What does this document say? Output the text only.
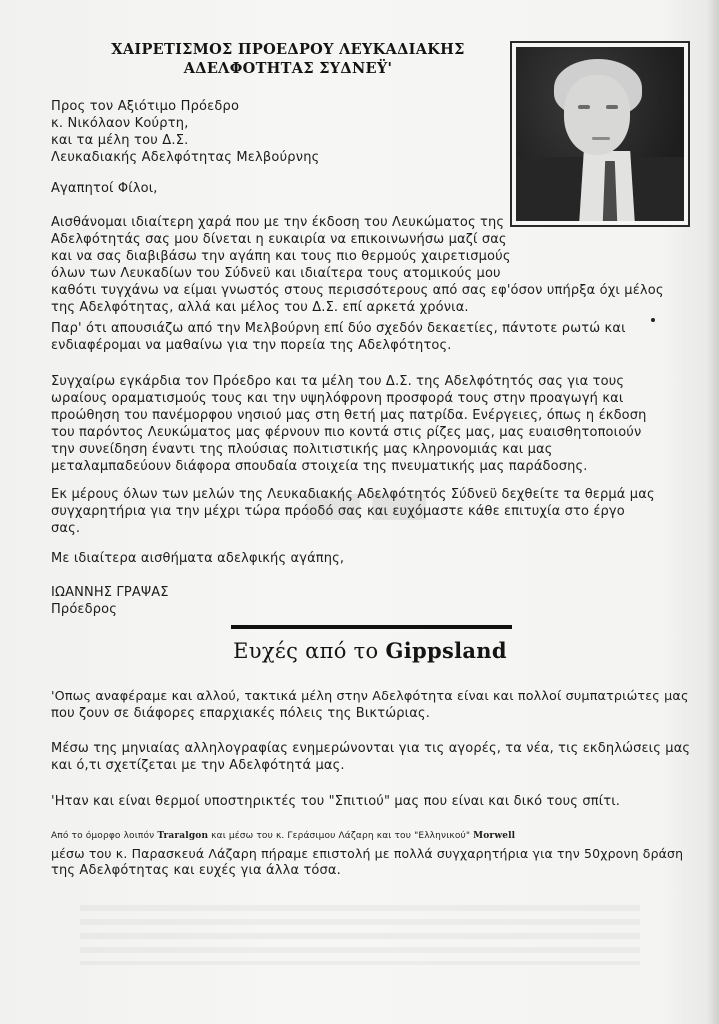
ΧΑΙΡΕΤΙΣΜΟΣ ΠΡΟΕΔΡΟΥ ΛΕΥΚΑΔΙΑΚΗΣ
ΑΔΕΛΦΟΤΗΤΑΣ ΣΥΔΝΕΫ'
Προς τον Αξιότιμο Πρόεδρο
κ. Νικόλαον Κούρτη,
και τα μέλη του Δ.Σ.
Λευκαδιακής Αδελφότητας Μελβούρνης

Αγαπητοί Φίλοι,

Αισθάνομαι ιδιαίτερη χαρά που με την έκδοση του Λευκώματος της
Αδελφότητάς σας μου δίνεται η ευκαιρία να επικοινωνήσω μαζί σας
και να σας διαβιβάσω την αγάπη και τους πιο θερμούς χαιρετισμούς
όλων των Λευκαδίων του Σύδνεϋ και ιδιαίτερα τους ατομικούς μου
καθότι τυγχάνω να είμαι γνωστός στους περισσότερους από σας εφ'όσον υπήρξα όχι μέλος
της Αδελφότητας, αλλά και μέλος του Δ.Σ. επί αρκετά χρόνια.

Παρ' ότι απουσιάζω από την Μελβούρνη επί δύο σχεδόν δεκαετίες, πάντοτε ρωτώ και
ενδιαφέρομαι να μαθαίνω για την πορεία της Αδελφότητος.

Συγχαίρω εγκάρδια τον Πρόεδρο και τα μέλη του Δ.Σ. της Αδελφότητός σας για τους
ωραίους οραματισμούς τους και την υψηλόφρονη προσφορά τους στην προαγωγή και
προώθηση του πανέμορφου νησιού μας στη θετή μας πατρίδα. Ενέργειες, όπως η έκδοση
του παρόντος Λευκώματος μας φέρνουν πιο κοντά στις ρίζες μας, μας ευαισθητοποιούν
την συνείδηση έναντι της πλούσιας πολιτιστικής μας κληρονομιάς και μας
μεταλαμπαδεύουν διάφορα σπουδαία στοιχεία της πνευματικής μας παράδοσης.

Εκ μέρους όλων των μελών της Λευκαδιακής Αδελφότητός Σύδνεϋ δεχθείτε τα θερμά μας
συγχαρητήρια για την μέχρι τώρα πρόοδό σας και ευχόμαστε κάθε επιτυχία στο έργο
σας.

Με ιδιαίτερα αισθήματα αδελφικής αγάπης,

ΙΩΑΝΝΗΣ ΓΡΑΨΑΣ
Πρόεδρος

Ευχές από το Gippsland

'Οπως αναφέραμε και αλλού, τακτικά μέλη στην Αδελφότητα είναι και πολλοί συμπατριώτες μας
που ζουν σε διάφορες επαρχιακές πόλεις της Βικτώριας.

Μέσω της μηνιαίας αλληλογραφίας ενημερώνονται για τις αγορές, τα νέα, τις εκδηλώσεις μας
και ό,τι σχετίζεται με την Αδελφότητά μας.

'Ηταν και είναι θερμοί υποστηρικτές του "Σπιτιού" μας που είναι και δικό τους σπίτι.

Από το όμορφο λοιπόν Traralgon και μέσω του κ. Γεράσιμου Λάζαρη και του "Ελληνικού" Morwell
μέσω του κ. Παρασκευά Λάζαρη πήραμε επιστολή με πολλά συγχαρητήρια για την 50χρονη δράση
της Αδελφότητας και ευχές για άλλα τόσα.

▬▬
